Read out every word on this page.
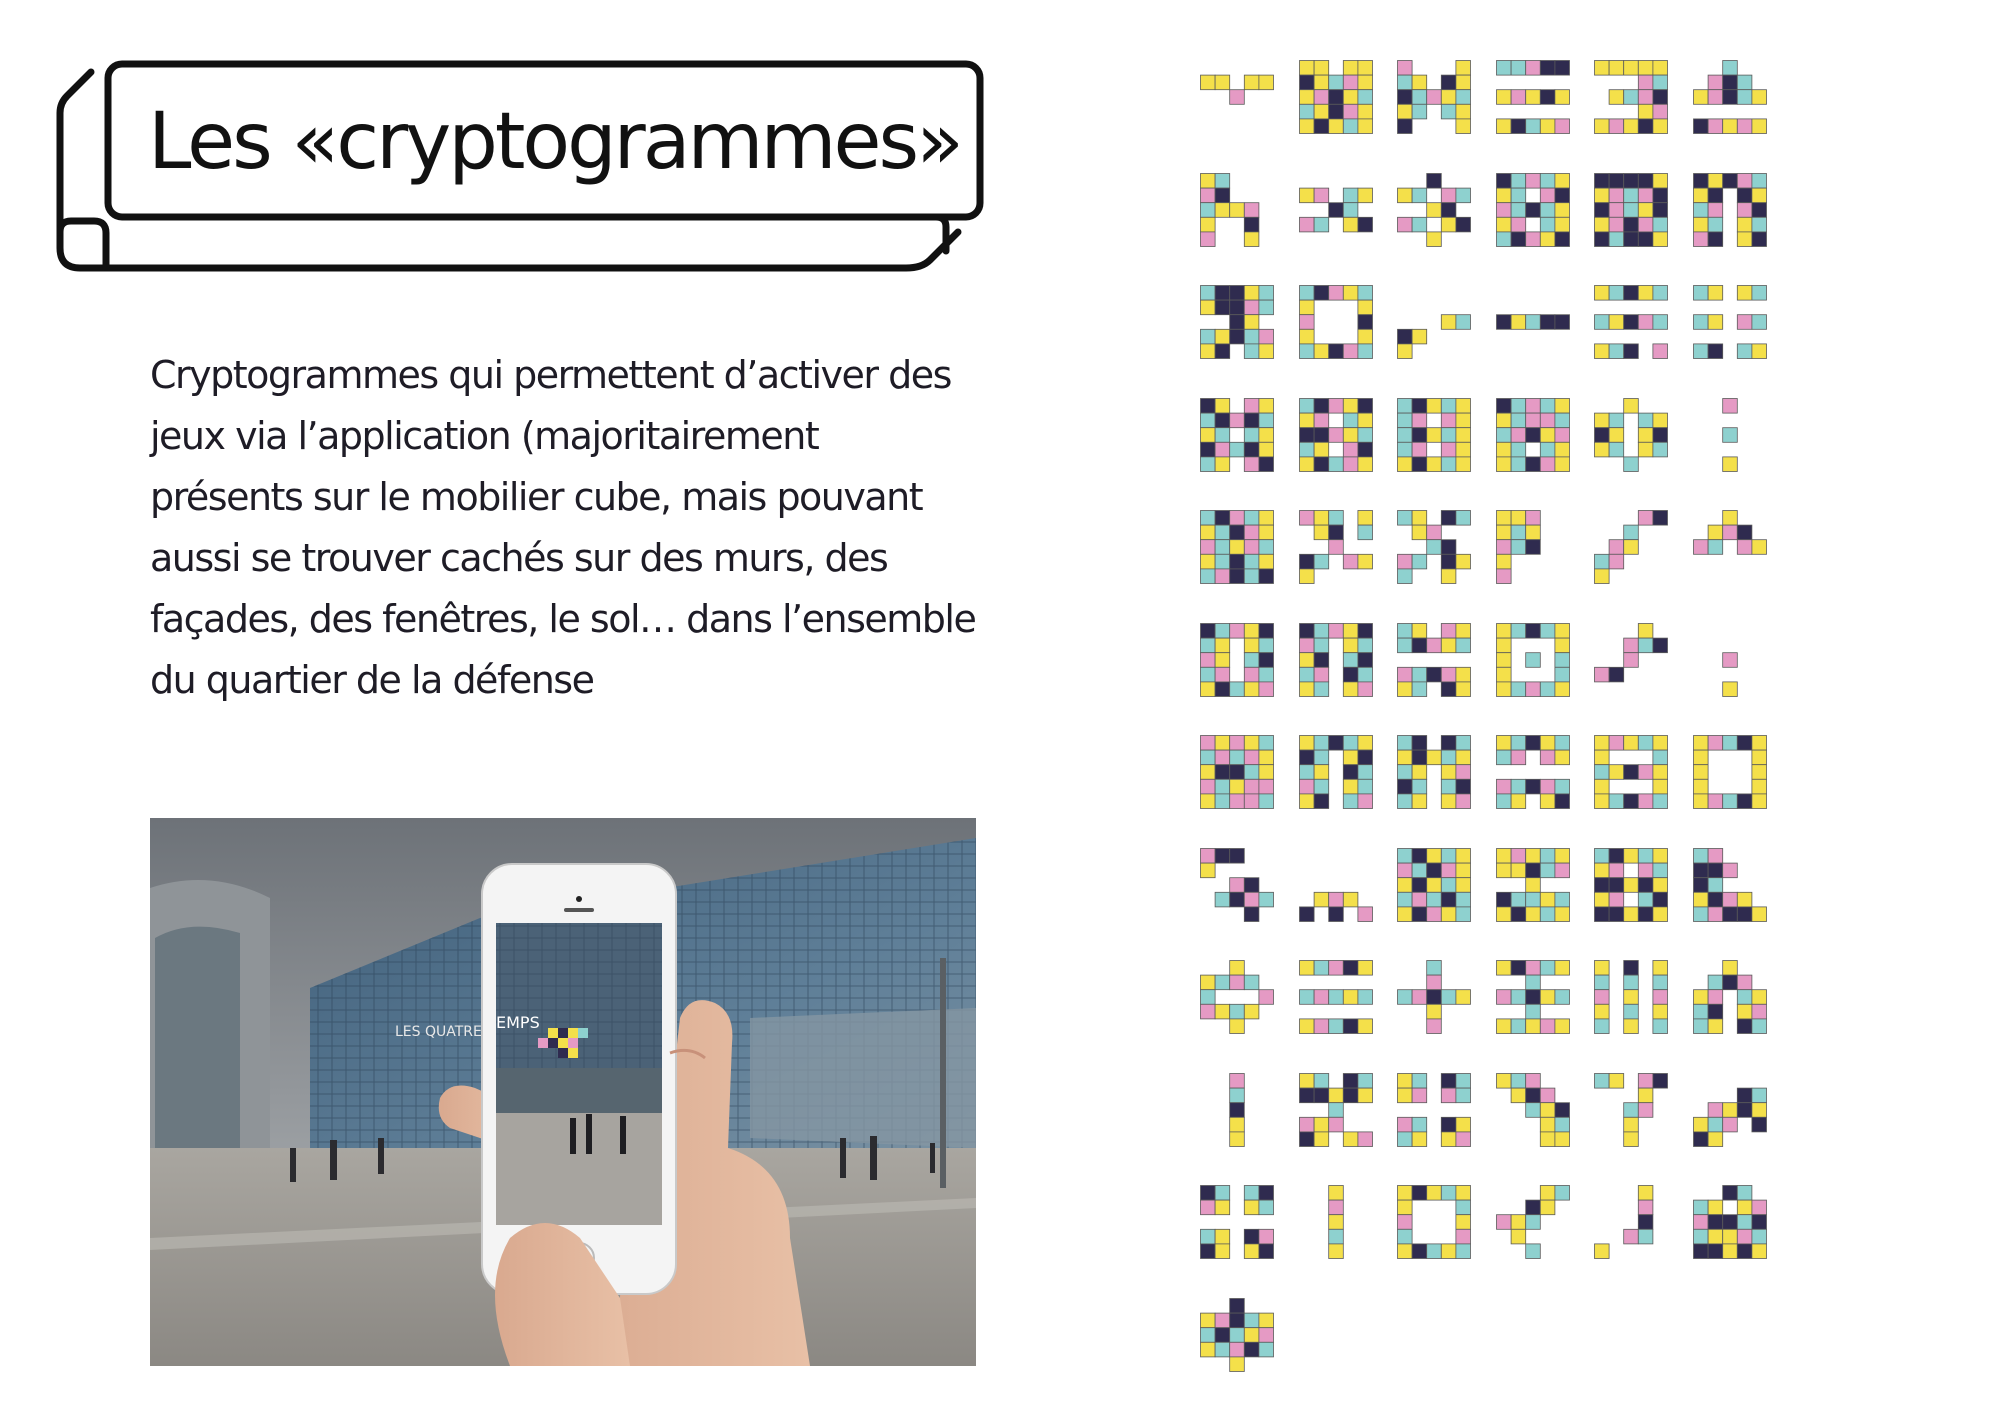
Les «cryptogrammes»

Cryptogrammes qui permettent d’activer des jeux via l’application (majoritairement présents sur le mobilier cube, mais pouvant aussi se trouver cachés sur des murs, des façades, des fenêtres, le sol… dans l’ensemble du quartier de la défense

EMPS
LES QUATRE
